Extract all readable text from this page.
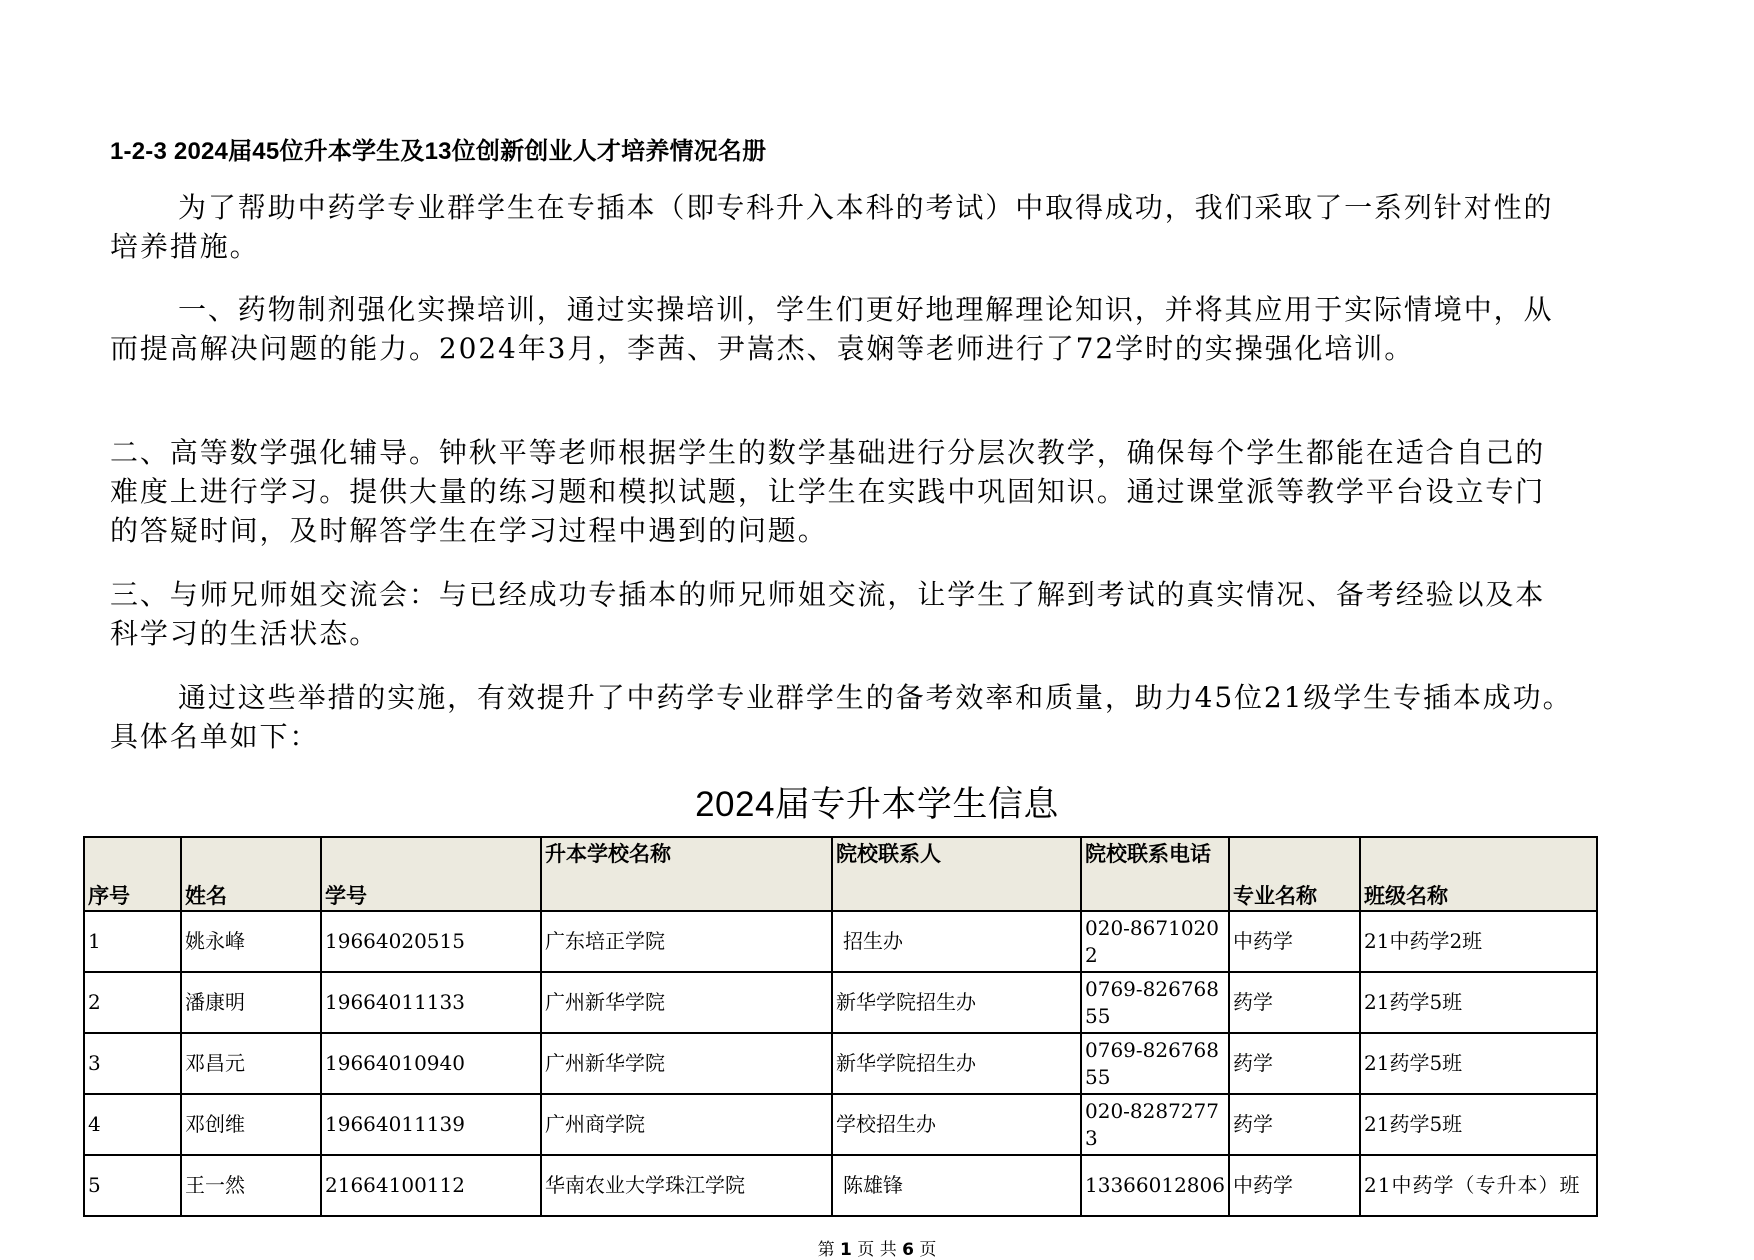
1-2-3 2024届45位升本学生及13位创新创业人才培养情况名册

为了帮助中药学专业群学生在专插本（即专科升入本科的考试）中取得成功，我们采取了一系列针对性的培养措施。

一、药物制剂强化实操培训，通过实操培训，学生们更好地理解理论知识，并将其应用于实际情境中，从而提高解决问题的能力。2024年3月，李茜、尹嵩杰、袁娴等老师进行了72学时的实操强化培训。

二、高等数学强化辅导。钟秋平等老师根据学生的数学基础进行分层次教学，确保每个学生都能在适合自己的难度上进行学习。提供大量的练习题和模拟试题，让学生在实践中巩固知识。通过课堂派等教学平台设立专门的答疑时间，及时解答学生在学习过程中遇到的问题。

三、与师兄师姐交流会：与已经成功专插本的师兄师姐交流，让学生了解到考试的真实情况、备考经验以及本科学习的生活状态。

通过这些举措的实施，有效提升了中药学专业群学生的备考效率和质量，助力45位21级学生专插本成功。具体名单如下：

2024届专升本学生信息
序号	姓名	学号	升本学校名称	院校联系人	院校联系电话	专业名称	班级名称
1	姚永峰	19664020515	广东培正学院	招生办	020-86710202	中药学	21中药学2班
2	潘康明	19664011133	广州新华学院	新华学院招生办	0769-82676855	药学	21药学5班
3	邓昌元	19664010940	广州新华学院	新华学院招生办	0769-82676855	药学	21药学5班
4	邓创维	19664011139	广州商学院	学校招生办	020-82872773	药学	21药学5班
5	王一然	21664100112	华南农业大学珠江学院	陈雄锋	13366012806	中药学	21中药学（专升本）班
第 1 页 共 6 页
